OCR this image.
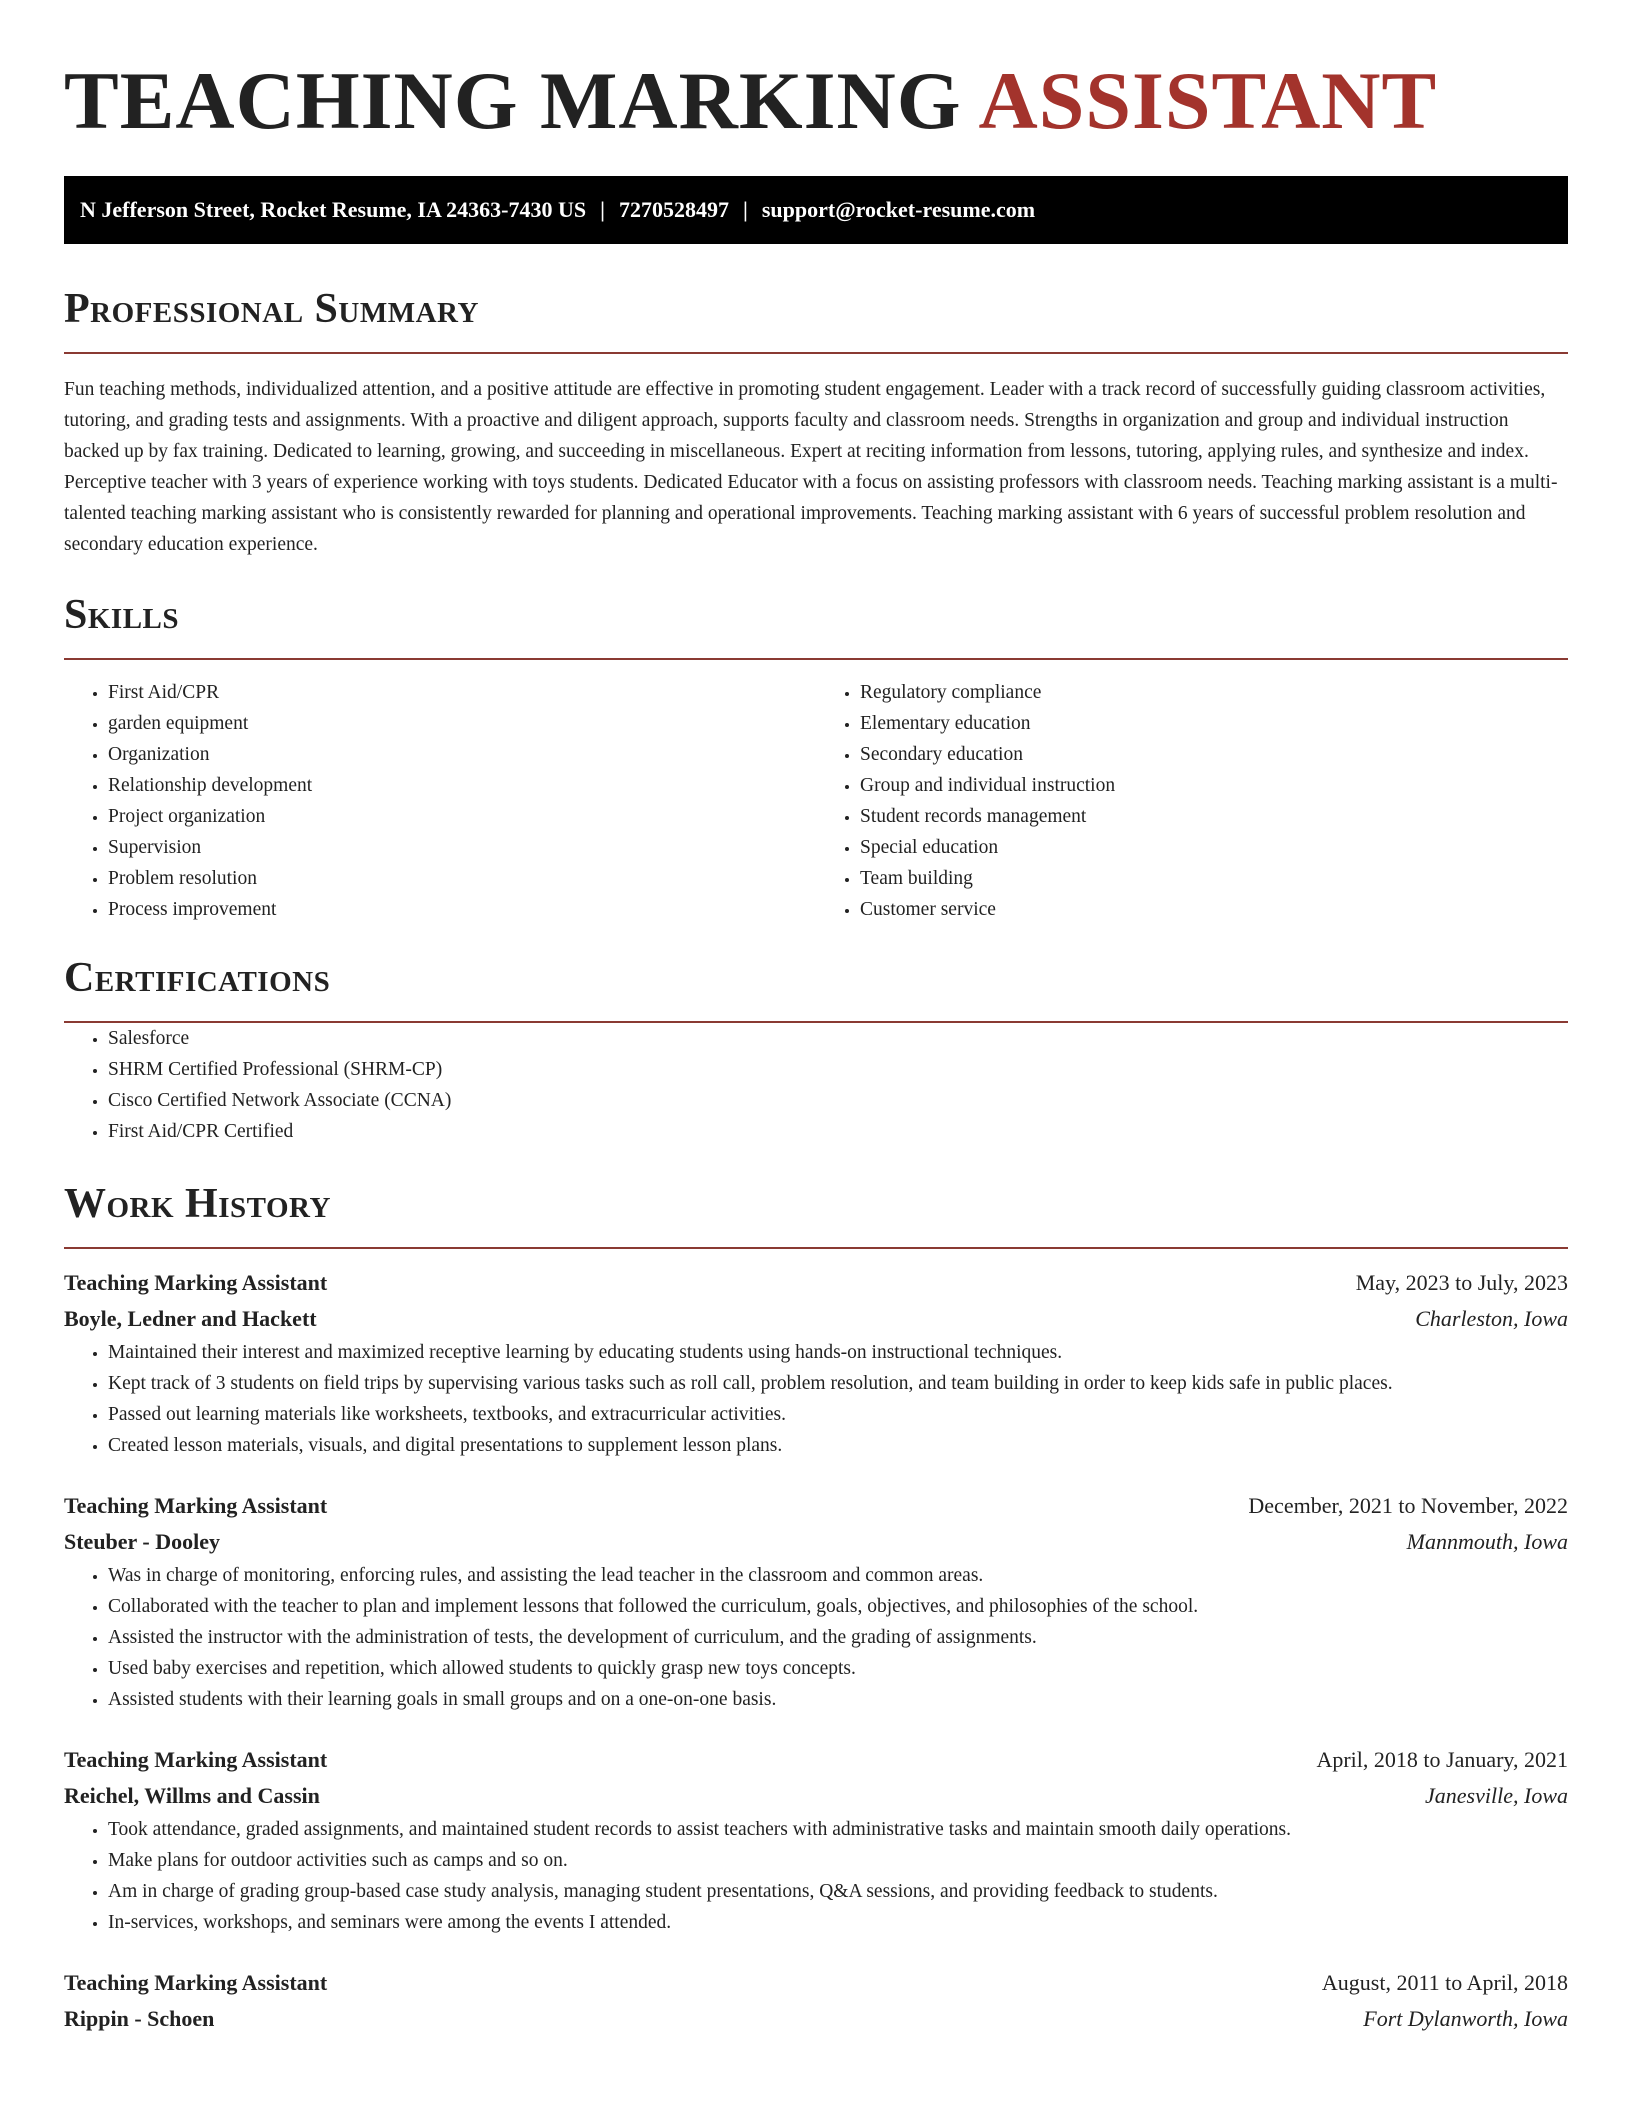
TEACHING MARKING ASSISTANT
N Jefferson Street, Rocket Resume, IA 24363-7430 US | 7270528497 | support@rocket-resume.com
Professional Summary

Fun teaching methods, individualized attention, and a positive attitude are effective in promoting student engagement. Leader with a track record of successfully guiding classroom activities, tutoring, and grading tests and assignments. With a proactive and diligent approach, supports faculty and classroom needs. Strengths in organization and group and individual instruction backed up by fax training. Dedicated to learning, growing, and succeeding in miscellaneous. Expert at reciting information from lessons, tutoring, applying rules, and synthesize and index. Perceptive teacher with 3 years of experience working with toys students. Dedicated Educator with a focus on assisting professors with classroom needs. Teaching marking assistant is a multi-talented teaching marking assistant who is consistently rewarded for planning and operational improvements. Teaching marking assistant with 6 years of successful problem resolution and secondary education experience.

Skills
• First Aid/CPR
• garden equipment
• Organization
• Relationship development
• Project organization
• Supervision
• Problem resolution
• Process improvement
• Regulatory compliance
• Elementary education
• Secondary education
• Group and individual instruction
• Student records management
• Special education
• Team building
• Customer service
Certifications
• Salesforce
• SHRM Certified Professional (SHRM-CP)
• Cisco Certified Network Associate (CCNA)
• First Aid/CPR Certified
Work History
Teaching Marking Assistant	May, 2023 to July, 2023
Boyle, Ledner and Hackett	Charleston, Iowa
• Maintained their interest and maximized receptive learning by educating students using hands-on instructional techniques.
• Kept track of 3 students on field trips by supervising various tasks such as roll call, problem resolution, and team building in order to keep kids safe in public places.
• Passed out learning materials like worksheets, textbooks, and extracurricular activities.
• Created lesson materials, visuals, and digital presentations to supplement lesson plans.
Teaching Marking Assistant	December, 2021 to November, 2022
Steuber - Dooley	Mannmouth, Iowa
• Was in charge of monitoring, enforcing rules, and assisting the lead teacher in the classroom and common areas.
• Collaborated with the teacher to plan and implement lessons that followed the curriculum, goals, objectives, and philosophies of the school.
• Assisted the instructor with the administration of tests, the development of curriculum, and the grading of assignments.
• Used baby exercises and repetition, which allowed students to quickly grasp new toys concepts.
• Assisted students with their learning goals in small groups and on a one-on-one basis.
Teaching Marking Assistant	April, 2018 to January, 2021
Reichel, Willms and Cassin	Janesville, Iowa
• Took attendance, graded assignments, and maintained student records to assist teachers with administrative tasks and maintain smooth daily operations.
• Make plans for outdoor activities such as camps and so on.
• Am in charge of grading group-based case study analysis, managing student presentations, Q&A sessions, and providing feedback to students.
• In-services, workshops, and seminars were among the events I attended.
Teaching Marking Assistant	August, 2011 to April, 2018
Rippin - Schoen	Fort Dylanworth, Iowa
